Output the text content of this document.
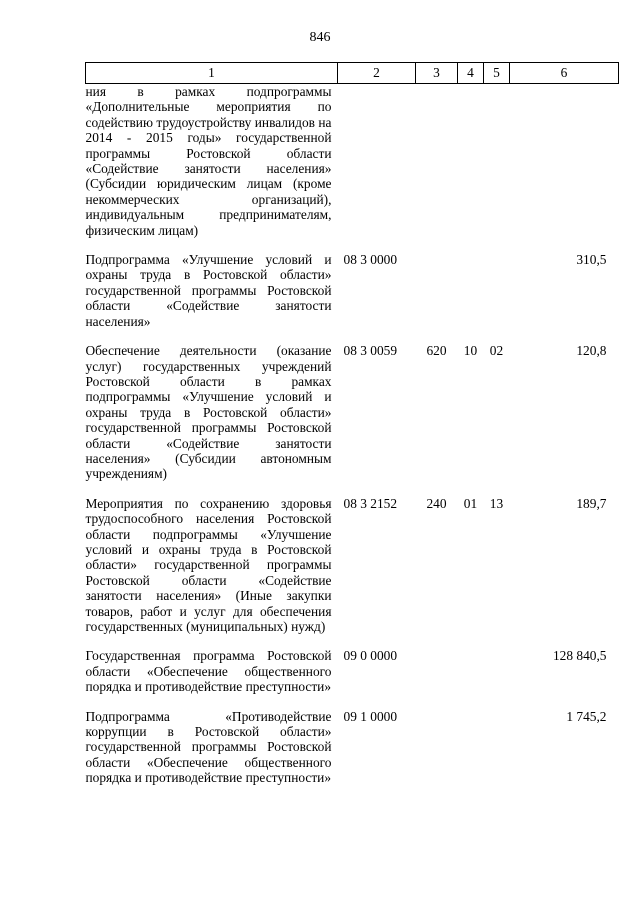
846
1	2	3	4	5	6
ния в рамках подпрограммы «Дополнительные мероприятия по содействию трудоустройству инвалидов на 2014 - 2015 годы» государственной программы Ростовской области «Содействие занятости населения» (Субсидии юридическим лицам (кроме некоммерческих организаций), индивидуальным предпринимателям, физическим лицам)					
Подпрограмма «Улучшение условий и охраны труда в Ростовской области» государственной программы Ростовской области «Содействие занятости населения»	08 3 0000				310,5
Обеспечение деятельности (оказание услуг) государственных учреждений Ростовской области в рамках подпрограммы «Улучшение условий и охраны труда в Ростовской области» государственной программы Ростовской области «Содействие занятости населения» (Субсидии автономным учреждениям)	08 3 0059	620	10	02	120,8
Мероприятия по сохранению здоровья трудоспособного населения Ростовской области подпрограммы «Улучшение условий и охраны труда в Ростовской области» государственной программы Ростовской области «Содействие занятости населения» (Иные закупки товаров, работ и услуг для обеспечения государственных (муниципальных) нужд)	08 3 2152	240	01	13	189,7
Государственная программа Ростовской области «Обеспечение общественного порядка и противодействие преступности»	09 0 0000				128 840,5
Подпрограмма «Противодействие коррупции в Ростовской области» государственной программы Ростовской области «Обеспечение общественного порядка и противодействие преступности»	09 1 0000				1 745,2
